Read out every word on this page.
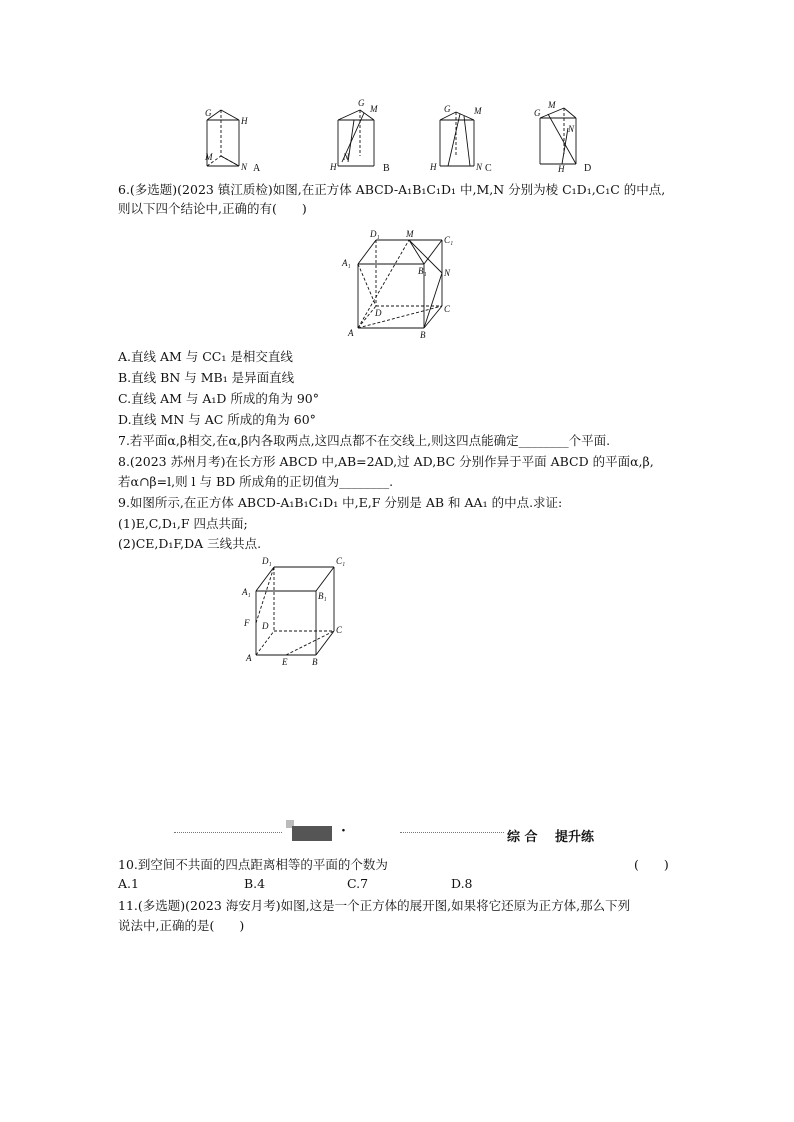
G
H
M
N A
G
M
H
N
B
G	M
H	N C
G
M
N
H D
6.(多选题)(2023 镇江质检)如图,在正方体 ABCD-A₁B₁C₁D₁ 中,M,N 分别为棱 C₁D₁,C₁C 的中点,
则以下四个结论中,正确的有(　　)
D₁	M
C₁
A₁
B₁ N
D	C
A	B
A.直线 AM 与 CC₁ 是相交直线
B.直线 BN 与 MB₁ 是异面直线
C.直线 AM 与 A₁D 所成的角为 90°
D.直线 MN 与 AC 所成的角为 60°
7.若平面α,β相交,在α,β内各取两点,这四点都不在交线上,则这四点能确定________个平面.
8.(2023 苏州月考)在长方形 ABCD 中,AB=2AD,过 AD,BC 分别作异于平面 ABCD 的平面α,β,
若α∩β=l,则 l 与 BD 所成角的正切值为________.
9.如图所示,在正方体 ABCD-A₁B₁C₁D₁ 中,E,F 分别是 AB 和 AA₁ 的中点.求证:
(1)E,C,D₁,F 四点共面;
(2)CE,D₁F,DA 三线共点.
D₁	C₁
A₁	B₁
F D	C
A	E	B
·	综 合　 提升练
10.到空间不共面的四点距离相等的平面的个数为	(　　)
A.1	B.4	C.7	D.8
11.(多选题)(2023 海安月考)如图,这是一个正方体的展开图,如果将它还原为正方体,那么下列
说法中,正确的是(　　)
